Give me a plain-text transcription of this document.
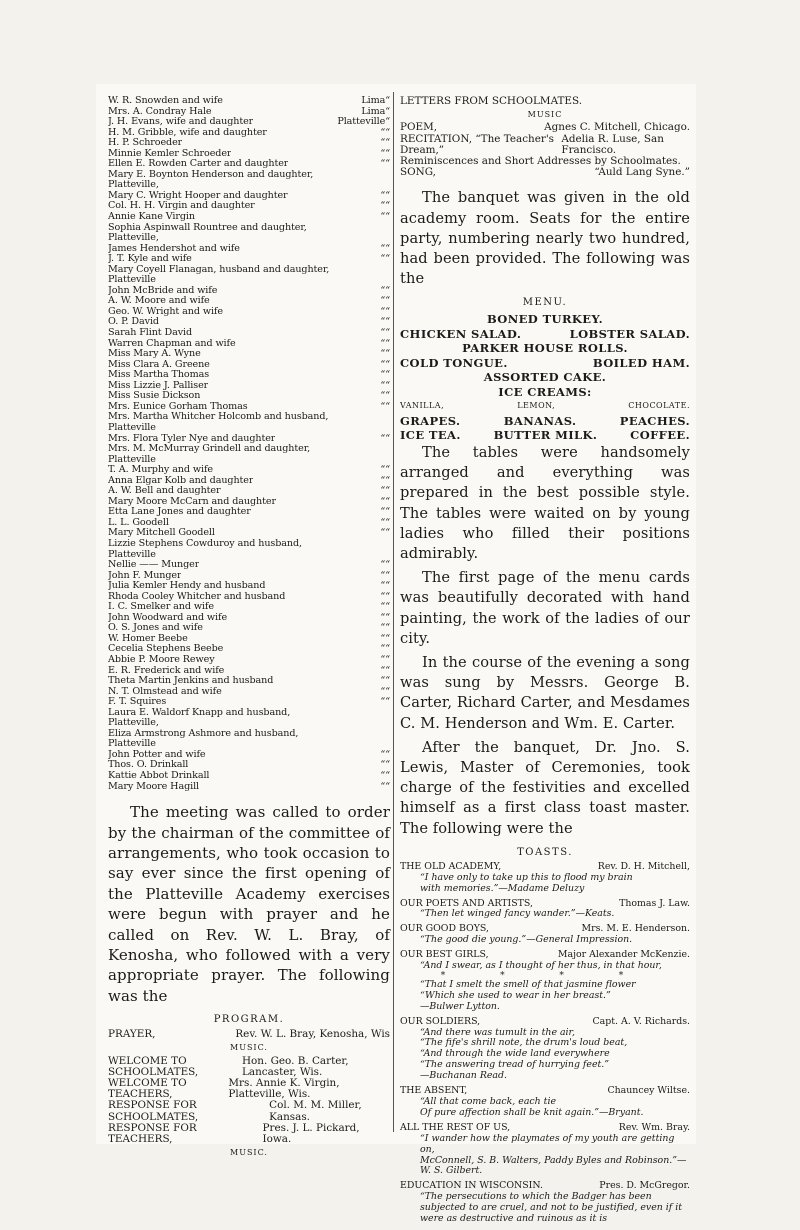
W. R. Snowden and wife	Lima“
Mrs. A. Condray Hale	Lima“
J. H. Evans, wife and daughter	Platteville“
H. M. Gribble, wife and daughter	““
H. P. Schroeder	““
Minnie Kemler Schroeder	““
Ellen E. Rowden Carter and daughter	““
Mary E. Boynton Henderson and daughter,
Platteville,
Mary C. Wright Hooper and daughter	““
Col. H. H. Virgin and daughter	““
Annie Kane Virgin	““
Sophia Aspinwall Rountree and daughter,
Platteville,
James Hendershot and wife	““
J. T. Kyle and wife	““
Mary Coyell Flanagan, husband and daughter,
Platteville
John McBride and wife	““
A. W. Moore and wife	““
Geo. W. Wright and wife	““
O. P. David	““
Sarah Flint David	““
Warren Chapman and wife	““
Miss Mary A. Wyne	““
Miss Clara A. Greene	““
Miss Martha Thomas	““
Miss Lizzie J. Palliser	““
Miss Susie Dickson	““
Mrs. Eunice Gorham Thomas	““
Mrs. Martha Whitcher Holcomb and husband,
Platteville
Mrs. Flora Tyler Nye and daughter	““
Mrs. M. McMurray Grindell and daughter,
Platteville
T. A. Murphy and wife	““
Anna Elgar Kolb and daughter	““
A. W. Bell and daughter	““
Mary Moore McCarn and daughter	““
Etta Lane Jones and daughter	““
L. L. Goodell	““
Mary Mitchell Goodell	““
Lizzie Stephens Cowduroy and husband,
Platteville
Nellie —— Munger	““
John F. Munger	““
Julia Kemler Hendy and husband	““
Rhoda Cooley Whitcher and husband	““
I. C. Smelker and wife	““
John Woodward and wife	““
O. S. Jones and wife	““
W. Homer Beebe	““
Cecelia Stephens Beebe	““
Abbie P. Moore Rewey	““
E. R. Frederick and wife	““
Theta Martin Jenkins and husband	““
N. T. Olmstead and wife	““
F. T. Squires	““
Laura E. Waldorf Knapp and husband,
Platteville,
Eliza Armstrong Ashmore and husband,
Platteville
John Potter and wife	““
Thos. O. Drinkall	““
Kattie Abbot Drinkall	““
Mary Moore Hagill	““

The meeting was called to order by the chairman of the committee of arrangements, who took occasion to say ever since the first opening of the Platteville Academy exercises were begun with prayer and he called on Rev. W. L. Bray, of Kenosha, who followed with a very appropriate prayer. The following was the

PROGRAM.
PRAYER,	Rev. W. L. Bray, Kenosha, Wis
MUSIC.
WELCOME TO SCHOOLMATES,
Hon. Geo. B. Carter, Lancaster, Wis.
WELCOME TO TEACHERS,
Mrs. Annie K. Virgin, Platteville, Wis.
RESPONSE FOR SCHOOLMATES,
Col. M. M. Miller, Kansas.
RESPONSE FOR TEACHERS,
Pres. J. L. Pickard, Iowa.
MUSIC.
LETTERS FROM SCHOOLMATES.
MUSIC
POEM,	Agnes C. Mitchell, Chicago.
RECITATION, “The Teacher's Dream,”
Adelia R. Luse, San Francisco.
Reminiscences and Short Addresses by Schoolmates.
SONG,	“Auld Lang Syne.”

The banquet was given in the old academy room. Seats for the entire party, numbering nearly two hundred, had been provided. The following was the

MENU.
BONED TURKEY.
CHICKEN SALAD.	LOBSTER SALAD.
PARKER HOUSE ROLLS.
COLD TONGUE.	BOILED HAM.
ASSORTED CAKE.
ICE CREAMS:
VANILLA,	LEMON,	CHOCOLATE.
GRAPES.	BANANAS.	PEACHES.
ICE TEA.	BUTTER MILK.	COFFEE.

The tables were handsomely arranged and everything was prepared in the best possible style. The tables were waited on by young ladies who filled their positions admirably.

The first page of the menu cards was beautifully decorated with hand painting, the work of the ladies of our city.

In the course of the evening a song was sung by Messrs. George B. Carter, Richard Carter, and Mesdames C. M. Henderson and Wm. E. Carter.

After the banquet, Dr. Jno. S. Lewis, Master of Ceremonies, took charge of the festivities and excelled himself as a first class toast master. The following were the

TOASTS.
THE OLD ACADEMY,	Rev. D. H. Mitchell,
“I have only to take up this to flood my brain
with memories.”—Madame Deluzy
OUR POETS AND ARTISTS,	Thomas J. Law.
“Then let winged fancy wander.”—Keats.
OUR GOOD BOYS,	Mrs. M. E. Henderson.
“The good die young.”—General Impression.
OUR BEST GIRLS,	Major Alexander McKenzie.
“And I swear, as I thought of her thus, in that hour,
* * * *
“That I smelt the smell of that jasmine flower
“Which she used to wear in her breast.”
—Bulwer Lytton.
OUR SOLDIERS,	Capt. A. V. Richards.
“And there was tumult in the air,
“The fife's shrill note, the drum's loud beat,
“And through the wide land everywhere
“The answering tread of hurrying feet.”
—Buchanan Read.
THE ABSENT,	Chauncey Wiltse.
“All that come back, each tie
Of pure affection shall be knit again.”—Bryant.
ALL THE REST OF US,	Rev. Wm. Bray.
“I wander how the playmates of my youth are getting on,
McConnell, S. B. Walters, Paddy Byles and Robinson.”—W. S. Gilbert.
EDUCATION IN WISCONSIN.	Pres. D. McGregor.
“The persecutions to which the Badger has been subjected to are cruel, and not to be justified, even if it were as destructive and ruinous as it is
